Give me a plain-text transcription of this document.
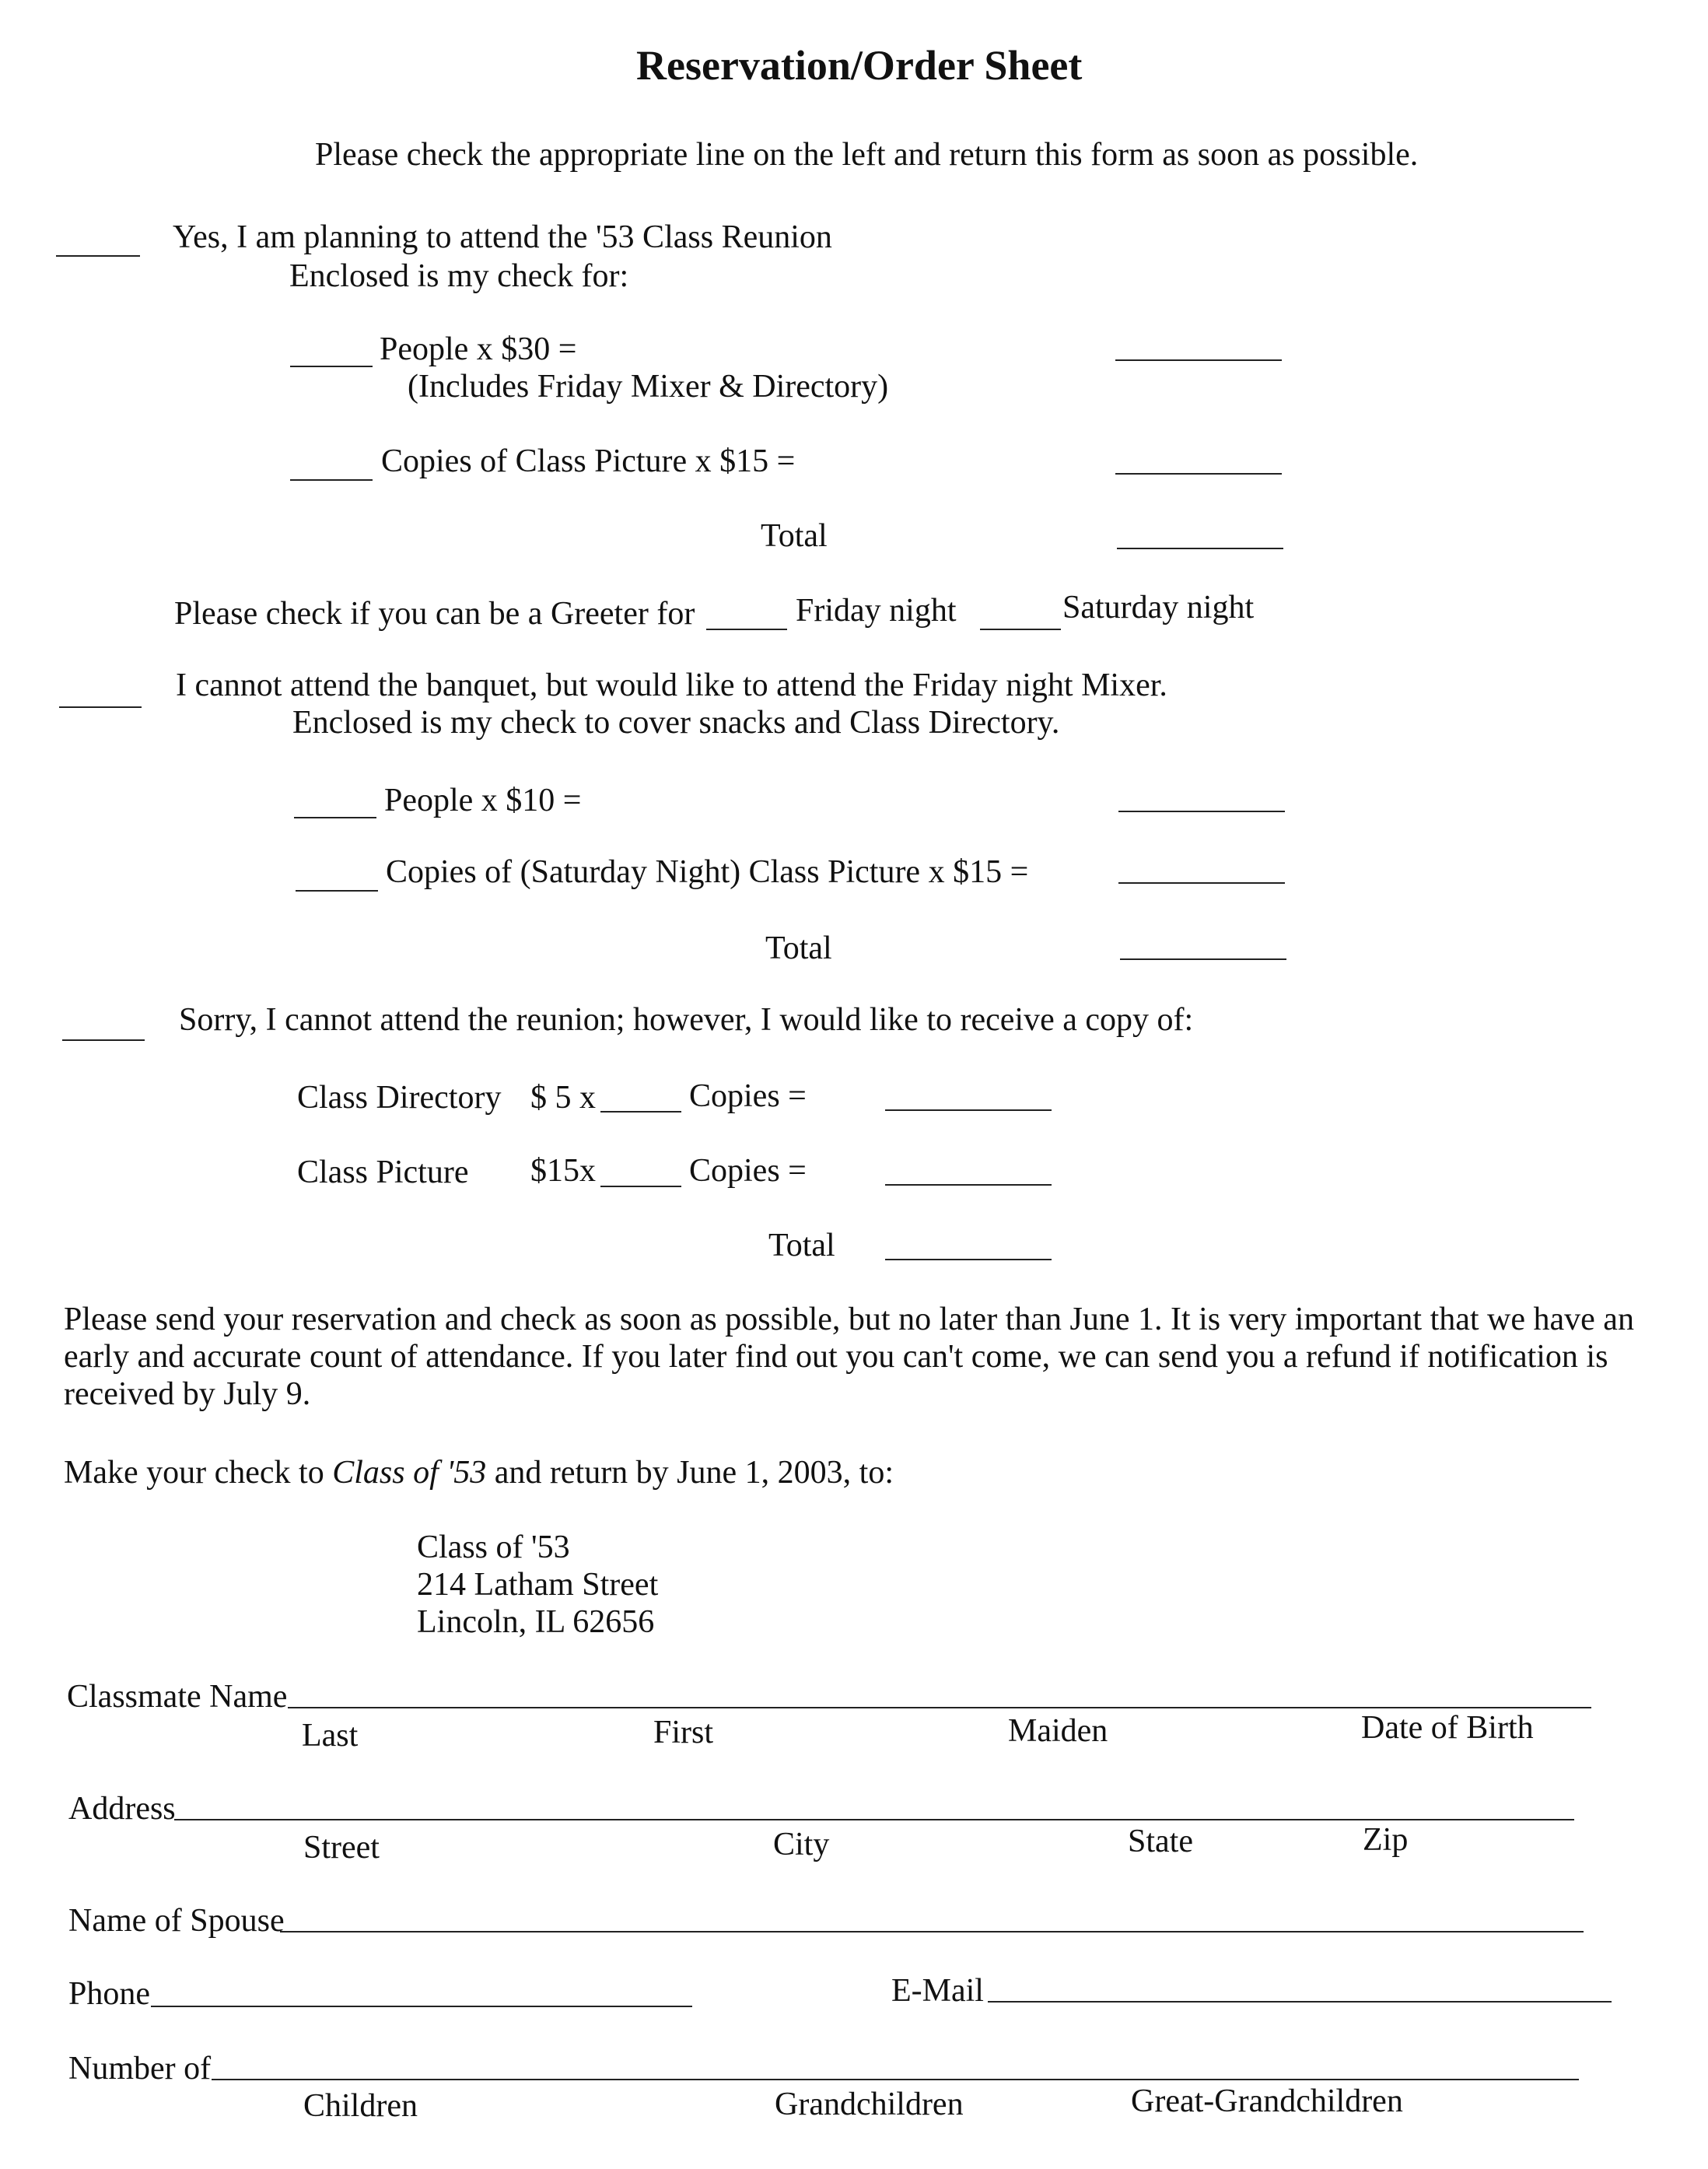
Reservation/Order Sheet
Please check the appropriate line on the left and return this form as soon as possible.
Yes, I am planning to attend the '53 Class Reunion
Enclosed is my check for:
People x $30 =
(Includes Friday Mixer & Directory)
Copies of Class Picture x $15 =
Total
Please check if you can be a Greeter for	Friday night	Saturday night
I cannot attend the banquet, but would like to attend the Friday night Mixer.
Enclosed is my check to cover snacks and Class Directory.
People x $10 =
Copies of (Saturday Night) Class Picture x $15 =
Total
Sorry, I cannot attend the reunion; however, I would like to receive a copy of:
Class Directory $ 5 x	Copies =
Class Picture $15x	Copies =
Total
Please send your reservation and check as soon as possible, but no later than June 1. It is very important that we have an early and accurate count of attendance. If you later find out you can't come, we can send you a refund if notification is received by July 9.
Make your check to Class of '53 and return by June 1, 2003, to:
Class of '53
214 Latham Street
Lincoln, IL 62656
Classmate Name
Last	First	Maiden	Date of Birth
Address
Street	City	State	Zip
Name of Spouse
Phone	E-Mail
Number of
Children	Grandchildren	Great-Grandchildren
